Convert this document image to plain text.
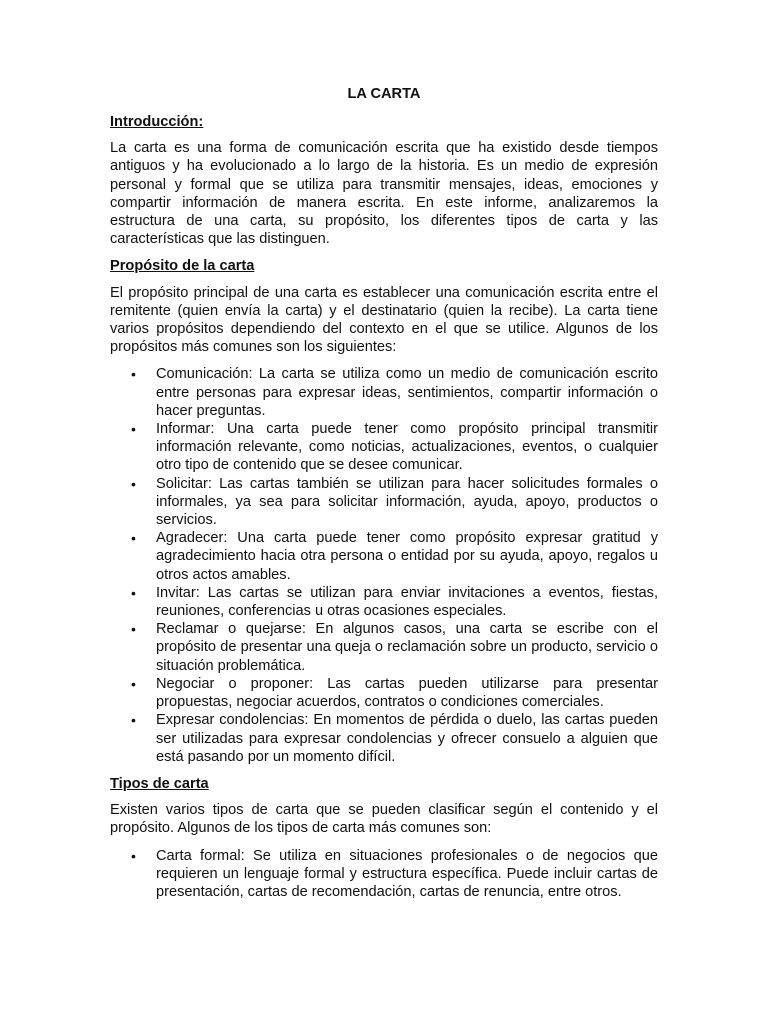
LA CARTA
Introducción:
La carta es una forma de comunicación escrita que ha existido desde tiempos antiguos y ha evolucionado a lo largo de la historia. Es un medio de expresión personal y formal que se utiliza para transmitir mensajes, ideas, emociones y compartir información de manera escrita. En este informe, analizaremos la estructura de una carta, su propósito, los diferentes tipos de carta y las características que las distinguen.
Propósito de la carta
El propósito principal de una carta es establecer una comunicación escrita entre el remitente (quien envía la carta) y el destinatario (quien la recibe). La carta tiene varios propósitos dependiendo del contexto en el que se utilice. Algunos de los propósitos más comunes son los siguientes:
• Comunicación: La carta se utiliza como un medio de comunicación escrito entre personas para expresar ideas, sentimientos, compartir información o hacer preguntas.
• Informar: Una carta puede tener como propósito principal transmitir información relevante, como noticias, actualizaciones, eventos, o cualquier otro tipo de contenido que se desee comunicar.
• Solicitar: Las cartas también se utilizan para hacer solicitudes formales o informales, ya sea para solicitar información, ayuda, apoyo, productos o servicios.
• Agradecer: Una carta puede tener como propósito expresar gratitud y agradecimiento hacia otra persona o entidad por su ayuda, apoyo, regalos u otros actos amables.
• Invitar: Las cartas se utilizan para enviar invitaciones a eventos, fiestas, reuniones, conferencias u otras ocasiones especiales.
• Reclamar o quejarse: En algunos casos, una carta se escribe con el propósito de presentar una queja o reclamación sobre un producto, servicio o situación problemática.
• Negociar o proponer: Las cartas pueden utilizarse para presentar propuestas, negociar acuerdos, contratos o condiciones comerciales.
• Expresar condolencias: En momentos de pérdida o duelo, las cartas pueden ser utilizadas para expresar condolencias y ofrecer consuelo a alguien que está pasando por un momento difícil.
Tipos de carta
Existen varios tipos de carta que se pueden clasificar según el contenido y el propósito. Algunos de los tipos de carta más comunes son:
• Carta formal: Se utiliza en situaciones profesionales o de negocios que requieren un lenguaje formal y estructura específica. Puede incluir cartas de presentación, cartas de recomendación, cartas de renuncia, entre otros.
